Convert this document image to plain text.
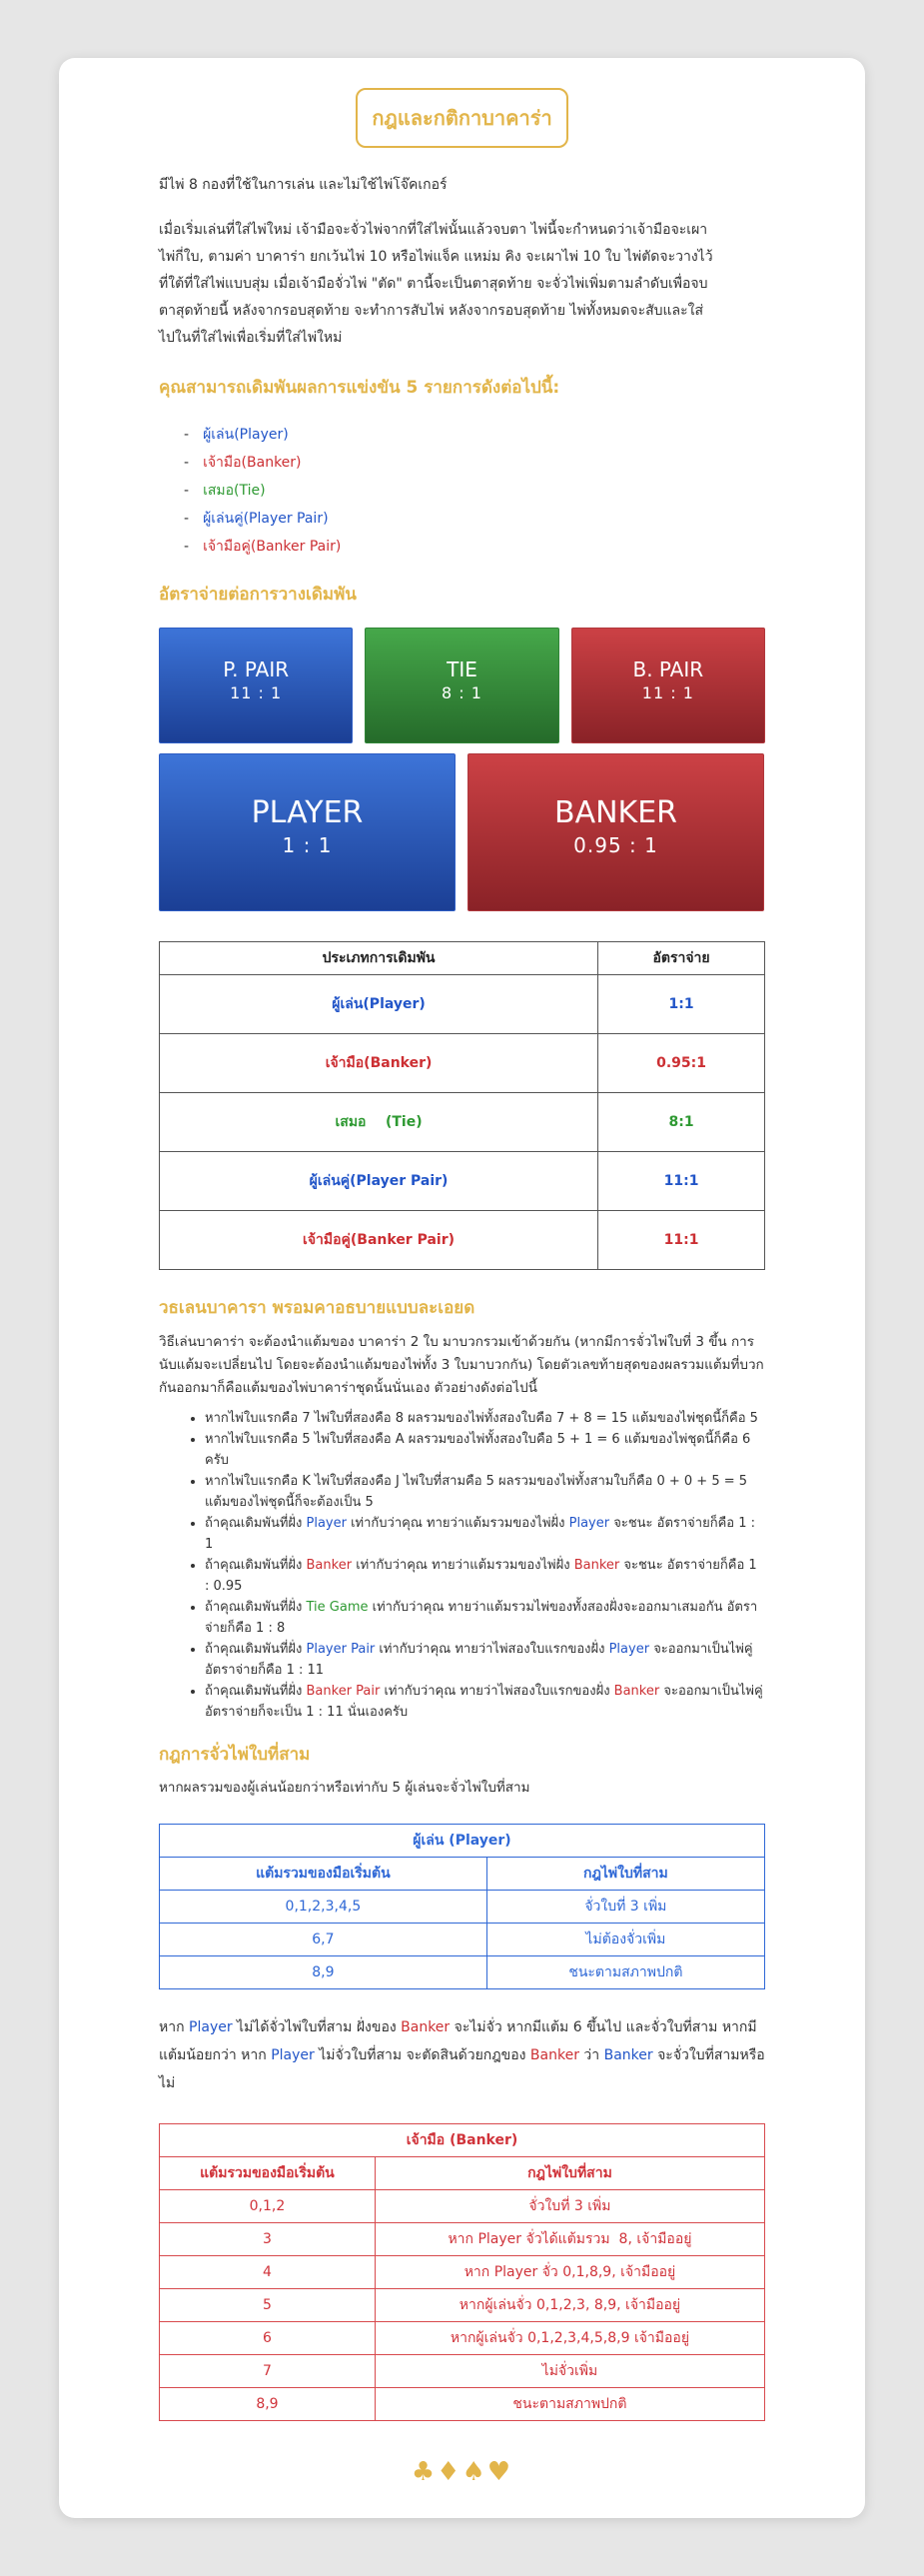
กฎและกติกาบาคาร่า

มีไพ่ 8 กองที่ใช้ในการเล่น และไม่ใช้ไพ่โจ๊คเกอร์

เมื่อเริ่มเล่นที่ใส่ไพ่ใหม่ เจ้ามือจะจั่วไพ่จากที่ใส่ไพ่นั้นแล้วจบตา ไพ่นี้จะกำหนดว่าเจ้ามือจะเผา
ไพ่กี่ใบ, ตามค่า บาคาร่า ยกเว้นไพ่ 10 หรือไพ่แจ็ค แหม่ม คิง จะเผาไพ่ 10 ใบ ไพ่ตัดจะวางไว้
ที่ใต้ที่ใส่ไพ่แบบสุ่ม เมื่อเจ้ามือจั่วไพ่ "ตัด" ตานี้จะเป็นตาสุดท้าย จะจั่วไพ่เพิ่มตามลำดับเพื่อจบ
ตาสุดท้ายนี้ หลังจากรอบสุดท้าย จะทำการสับไพ่ หลังจากรอบสุดท้าย ไพ่ทั้งหมดจะสับและใส่
ไปในที่ใส่ไพ่เพื่อเริ่มที่ใส่ไพ่ใหม่

คุณสามารถเดิมพันผลการแข่งขัน 5 รายการดังต่อไปนี้:
- ผู้เล่น(Player)
- เจ้ามือ(Banker)
- เสมอ(Tie)
- ผู้เล่นคู่(Player Pair)
- เจ้ามือคู่(Banker Pair)
อัตราจ่ายต่อการวางเดิมพัน
P. PAIR
11 : 1
TIE
8 : 1
B. PAIR
11 : 1
PLAYER
1 : 1
BANKER
0.95 : 1
ประเภทการเดิมพัน	อัตราจ่าย
ผู้เล่น(Player)	1:1
เจ้ามือ(Banker)	0.95:1
เสมอ    (Tie)	8:1
ผู้เล่นคู่(Player Pair)	11:1
เจ้ามือคู่(Banker Pair)	11:1
วธเลนบาคารา พรอมคาอธบายแบบละเอยด

วิธีเล่นบาคาร่า จะต้องนำแต้มของ บาคาร่า 2 ใบ มาบวกรวมเข้าด้วยกัน (หากมีการจั่วไพ่ใบที่ 3 ขึ้น การนับแต้มจะเปลี่ยนไป โดยจะต้องนำแต้มของไพ่ทั้ง 3 ใบมาบวกกัน) โดยตัวเลขท้ายสุดของผลรวมแต้มที่บวกกันออกมาก็คือแต้มของไพ่บาคาร่าชุดนั้นนั่นเอง ตัวอย่างดังต่อไปนี้

• หากไพ่ใบแรกคือ 7 ไพ่ใบที่สองคือ 8 ผลรวมของไพ่ทั้งสองใบคือ 7 + 8 = 15 แต้มของไพ่ชุดนี้ก็คือ 5
• หากไพ่ใบแรกคือ 5 ไพ่ใบที่สองคือ A ผลรวมของไพ่ทั้งสองใบคือ 5 + 1 = 6 แต้มของไพ่ชุดนี้ก็คือ 6 ครับ
• หากไพ่ใบแรกคือ K ไพ่ใบที่สองคือ J ไพ่ใบที่สามคือ 5 ผลรวมของไพ่ทั้งสามใบก็คือ 0 + 0 + 5 = 5 แต้มของไพ่ชุดนี้ก็จะต้องเป็น 5
• ถ้าคุณเดิมพันที่ฝั่ง Player เท่ากับว่าคุณ ทายว่าแต้มรวมของไพ่ฝั่ง Player จะชนะ อัตราจ่ายก็คือ 1 : 1
• ถ้าคุณเดิมพันที่ฝั่ง Banker เท่ากับว่าคุณ ทายว่าแต้มรวมของไพ่ฝั่ง Banker จะชนะ อัตราจ่ายก็คือ 1 : 0.95
• ถ้าคุณเดิมพันที่ฝั่ง Tie Game เท่ากับว่าคุณ ทายว่าแต้มรวมไพ่ของทั้งสองฝั่งจะออกมาเสมอกัน อัตราจ่ายก็คือ 1 : 8
• ถ้าคุณเดิมพันที่ฝั่ง Player Pair เท่ากับว่าคุณ ทายว่าไพ่สองใบแรกของฝั่ง Player จะออกมาเป็นไพ่คู่ อัตราจ่ายก็คือ 1 : 11
• ถ้าคุณเดิมพันที่ฝั่ง Banker Pair เท่ากับว่าคุณ ทายว่าไพ่สองใบแรกของฝั่ง Banker จะออกมาเป็นไพ่คู่ อัตราจ่ายก็จะเป็น 1 : 11 นั่นเองครับ
กฎการจั่วไพ่ใบที่สาม

หากผลรวมของผู้เล่นน้อยกว่าหรือเท่ากับ 5 ผู้เล่นจะจั่วไพ่ใบที่สาม

ผู้เล่น (Player)	
แต้มรวมของมือเริ่มต้น	กฎไพ่ใบที่สาม
0,1,2,3,4,5	จั่วใบที่ 3 เพิ่ม
6,7	ไม่ต้องจั่วเพิ่ม
8,9	ชนะตามสภาพปกติ

หาก Player ไม่ได้จั่วไพ่ใบที่สาม ฝั่งของ Banker จะไม่จั่ว หากมีแต้ม 6 ขึ้นไป และจั่วใบที่สาม หากมีแต้มน้อยกว่า หาก Player ไม่จั่วใบที่สาม จะตัดสินด้วยกฎของ Banker ว่า Banker จะจั่วใบที่สามหรือไม่

เจ้ามือ (Banker)	
แต้มรวมของมือเริ่มต้น	กฎไพ่ใบที่สาม
0,1,2	จั่วใบที่ 3 เพิ่ม
3	หาก Player จั่วได้แต้มรวม  8, เจ้ามืออยู่
4	หาก Player จั่ว 0,1,8,9, เจ้ามืออยู่
5	หากผู้เล่นจั่ว 0,1,2,3, 8,9, เจ้ามืออยู่
6	หากผู้เล่นจั่ว 0,1,2,3,4,5,8,9 เจ้ามืออยู่
7	ไม่จั่วเพิ่ม
8,9	ชนะตามสภาพปกติ
♣♦♠♥
